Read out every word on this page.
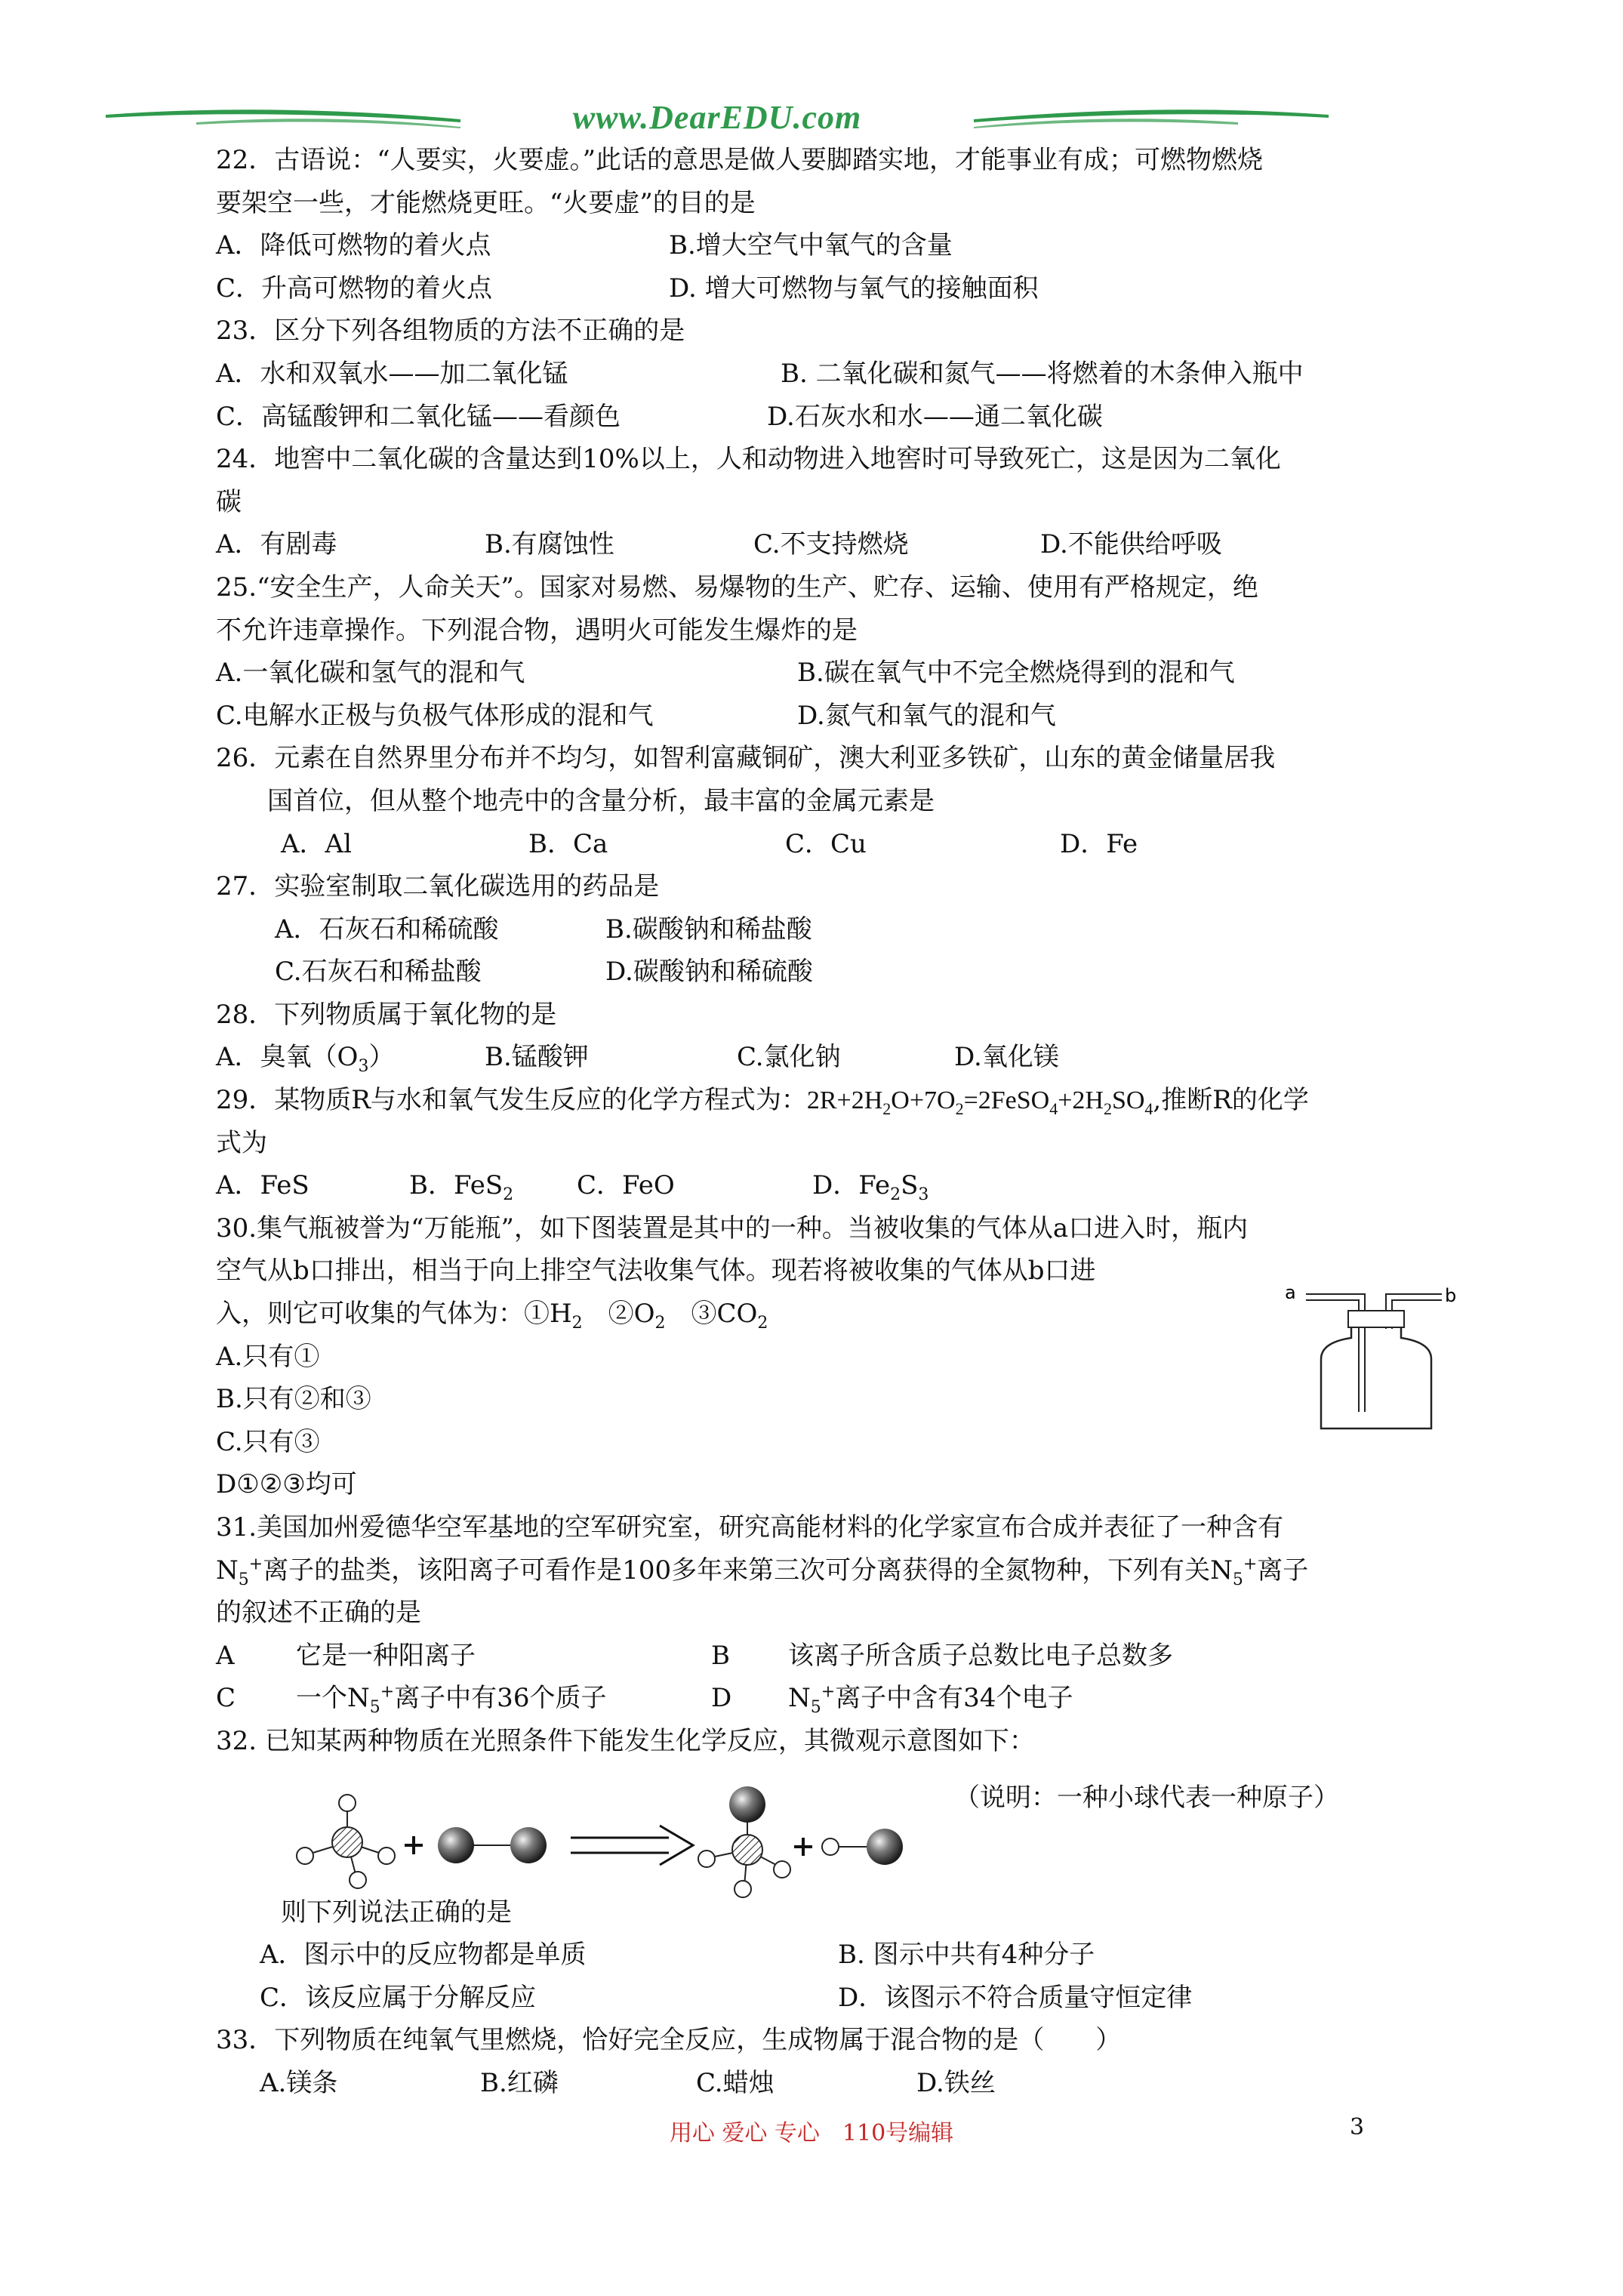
www.DearEDU.com
22．古语说：“人要实，火要虚。”此话的意思是做人要脚踏实地，才能事业有成；可燃物燃烧
要架空一些，才能燃烧更旺。“火要虚”的目的是
A．降低可燃物的着火点	B.增大空气中氧气的含量
C．升高可燃物的着火点	D. 增大可燃物与氧气的接触面积
23．区分下列各组物质的方法不正确的是
A．水和双氧水——加二氧化锰	B. 二氧化碳和氮气——将燃着的木条伸入瓶中
C．高锰酸钾和二氧化锰——看颜色	D.石灰水和水——通二氧化碳
24．地窖中二氧化碳的含量达到10%以上，人和动物进入地窖时可导致死亡，这是因为二氧化
碳
A．有剧毒	B.有腐蚀性	C.不支持燃烧	D.不能供给呼吸
25.“安全生产，人命关天”。国家对易燃、易爆物的生产、贮存、运输、使用有严格规定，绝
不允许违章操作。下列混合物，遇明火可能发生爆炸的是
A.一氧化碳和氢气的混和气	B.碳在氧气中不完全燃烧得到的混和气
C.电解水正极与负极气体形成的混和气	D.氮气和氧气的混和气
26．元素在自然界里分布并不均匀，如智利富藏铜矿，澳大利亚多铁矿，山东的黄金储量居我
国首位，但从整个地壳中的含量分析，最丰富的金属元素是
A．Al	B．Ca	C．Cu	D．Fe
27．实验室制取二氧化碳选用的药品是
A．石灰石和稀硫酸	B.碳酸钠和稀盐酸
C.石灰石和稀盐酸	D.碳酸钠和稀硫酸
28．下列物质属于氧化物的是
A．臭氧$(O_3)$	B.锰酸钾	C.氯化钠	D.氧化镁
29．某物质R与水和氧气发生反应的化学方程式为：$2R+2H_2O+7O_2=2FeSO_4+2H_2SO_4$,推断R的化学
式为
A．FeS	B．FeS$_2$ C．FeO	D．$Fe_2S_3$
30.集气瓶被誉为“万能瓶”，如下图装置是其中的一种。当被收集的气体从a口进入时，瓶内
空气从b口排出，相当于向上排空气法收集气体。现若将被收集的气体从b口进
入，则它可收集的气体为：$①H_2$　$②O_2$　$③CO_2$
A.只有①
B.只有②和③
C.只有③
D①②③均可
31.美国加州爱德华空军基地的空军研究室，研究高能材料的化学家宣布合成并表征了一种含有
$N_5^+$离子的盐类，该阳离子可看作是100多年来第三次可分离获得的全氮物种，下列有关$N_5^+$离子
的叙述不正确的是
A 它是一种阳离子	B 该离子所含质子总数比电子总数多
C 一个$N_5^+$离子中有36个质子	D $N_5^+$离子中含有34个电子
32. 已知某两种物质在光照条件下能发生化学反应，其微观示意图如下：
（说明：一种小球代表一种原子）
则下列说法正确的是
A．图示中的反应物都是单质	B. 图示中共有4种分子
C．该反应属于分解反应	D．该图示不符合质量守恒定律
33．下列物质在纯氧气里燃烧，恰好完全反应，生成物属于混合物的是（　　）
A.镁条	B.红磷	C.蜡烛	D.铁丝
a	b
用心 爱心 专心　110号编辑	3
